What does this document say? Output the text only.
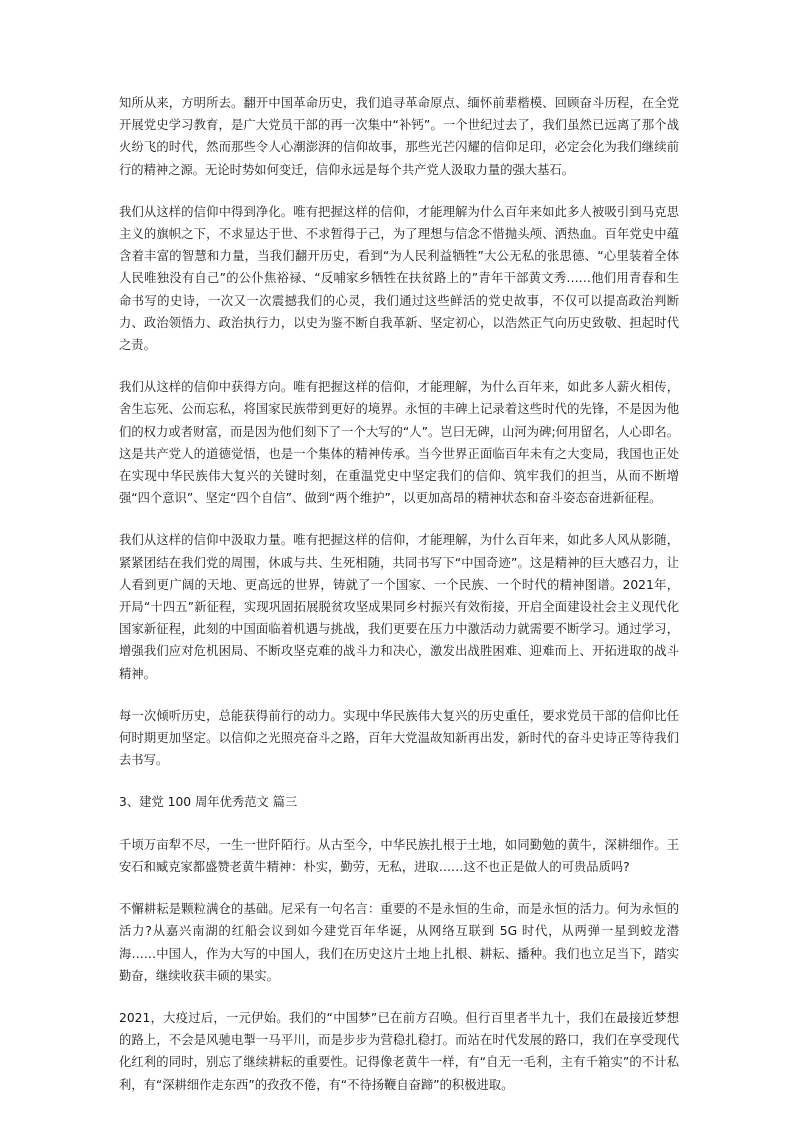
知所从来，方明所去。翻开中国革命历史，我们追寻革命原点、缅怀前辈楷模、回顾奋斗历程，在全党开展党史学习教育，是广大党员干部的再一次集中“补钙”。一个世纪过去了，我们虽然已远离了那个战火纷飞的时代，然而那些令人心潮澎湃的信仰故事，那些光芒闪耀的信仰足印，必定会化为我们继续前行的精神之源。无论时势如何变迁，信仰永远是每个共产党人汲取力量的强大基石。

我们从这样的信仰中得到净化。唯有把握这样的信仰，才能理解为什么百年来如此多人被吸引到马克思主义的旗帜之下，不求显达于世、不求暂得于己，为了理想与信念不惜抛头颅、洒热血。百年党史中蕴含着丰富的智慧和力量，当我们翻开历史，看到“为人民利益牺牲”大公无私的张思德、“心里装着全体人民唯独没有自己”的公仆焦裕禄、“反哺家乡牺牲在扶贫路上的”青年干部黄文秀……他们用青春和生命书写的史诗，一次又一次震撼我们的心灵，我们通过这些鲜活的党史故事，不仅可以提高政治判断力、政治领悟力、政治执行力，以史为鉴不断自我革新、坚定初心，以浩然正气向历史致敬、担起时代之责。

我们从这样的信仰中获得方向。唯有把握这样的信仰，才能理解，为什么百年来，如此多人薪火相传，舍生忘死、公而忘私，将国家民族带到更好的境界。永恒的丰碑上记录着这些时代的先锋，不是因为他们的权力或者财富，而是因为他们刻下了一个大写的“人”。岂曰无碑，山河为碑;何用留名，人心即名。这是共产党人的道德觉悟，也是一个集体的精神传承。当今世界正面临百年未有之大变局，我国也正处在实现中华民族伟大复兴的关键时刻，在重温党史中坚定我们的信仰、筑牢我们的担当，从而不断增强“四个意识”、坚定“四个自信”、做到“两个维护”，以更加高昂的精神状态和奋斗姿态奋进新征程。

我们从这样的信仰中汲取力量。唯有把握这样的信仰，才能理解，为什么百年来，如此多人风从影随，紧紧团结在我们党的周围，休戚与共、生死相随，共同书写下“中国奇迹”。这是精神的巨大感召力，让人看到更广阔的天地、更高远的世界，铸就了一个国家、一个民族、一个时代的精神图谱。2021年，开局“十四五”新征程，实现巩固拓展脱贫攻坚成果同乡村振兴有效衔接，开启全面建设社会主义现代化国家新征程，此刻的中国面临着机遇与挑战，我们更要在压力中激活动力就需要不断学习。通过学习，增强我们应对危机困局、不断攻坚克难的战斗力和决心，激发出战胜困难、迎难而上、开拓进取的战斗精神。

每一次倾听历史，总能获得前行的动力。实现中华民族伟大复兴的历史重任，要求党员干部的信仰比任何时期更加坚定。以信仰之光照亮奋斗之路，百年大党温故知新再出发，新时代的奋斗史诗正等待我们去书写。

3、建党 100 周年优秀范文 篇三

千顷万亩犁不尽，一生一世阡陌行。从古至今，中华民族扎根于土地，如同勤勉的黄牛，深耕细作。王安石和臧克家都盛赞老黄牛精神：朴实，勤劳，无私，进取……这不也正是做人的可贵品质吗?

不懈耕耘是颗粒满仓的基础。尼采有一句名言：重要的不是永恒的生命，而是永恒的活力。何为永恒的活力?从嘉兴南湖的红船会议到如今建党百年华诞，从网络互联到 5G 时代，从两弹一星到蛟龙潜海……中国人，作为大写的中国人，我们在历史这片土地上扎根、耕耘、播种。我们也立足当下，踏实勤奋，继续收获丰硕的果实。

2021，大疫过后，一元伊始。我们的“中国梦”已在前方召唤。但行百里者半九十，我们在最接近梦想的路上，不会是风驰电掣一马平川，而是步步为营稳扎稳打。而站在时代发展的路口，我们在享受现代化红利的同时，别忘了继续耕耘的重要性。记得像老黄牛一样，有“自无一毛利，主有千箱实”的不计私利，有“深耕细作走东西”的孜孜不倦，有“不待扬鞭自奋蹄”的积极进取。
